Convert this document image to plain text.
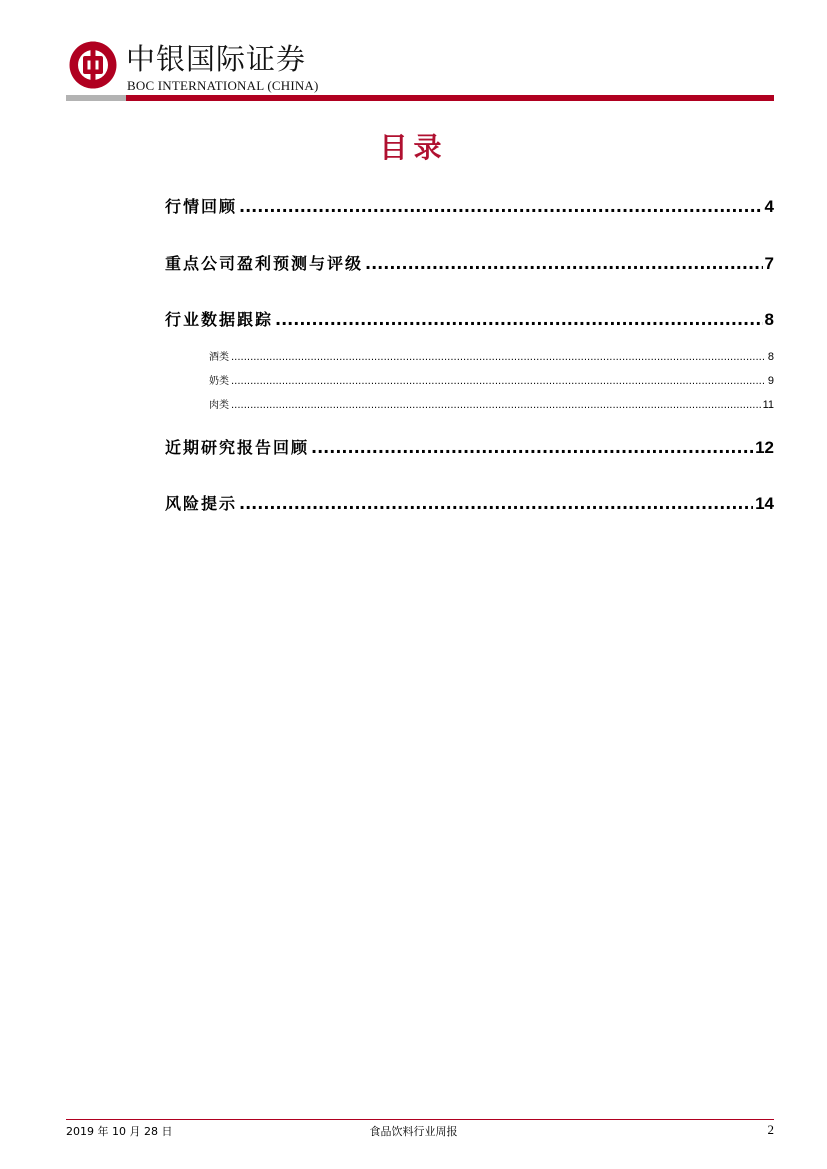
中银国际证券
BOC INTERNATIONAL (CHINA)
目录
行情回顾 .....	4
重点公司盈利预测与评级 .....	7
行业数据跟踪 .....	8
酒类 .....	8
奶类 .....	9
肉类 .....	11
近期研究报告回顾 .....	12
风险提示 .....	14
2019 年 10 月 28 日	食品饮料行业周报	2
